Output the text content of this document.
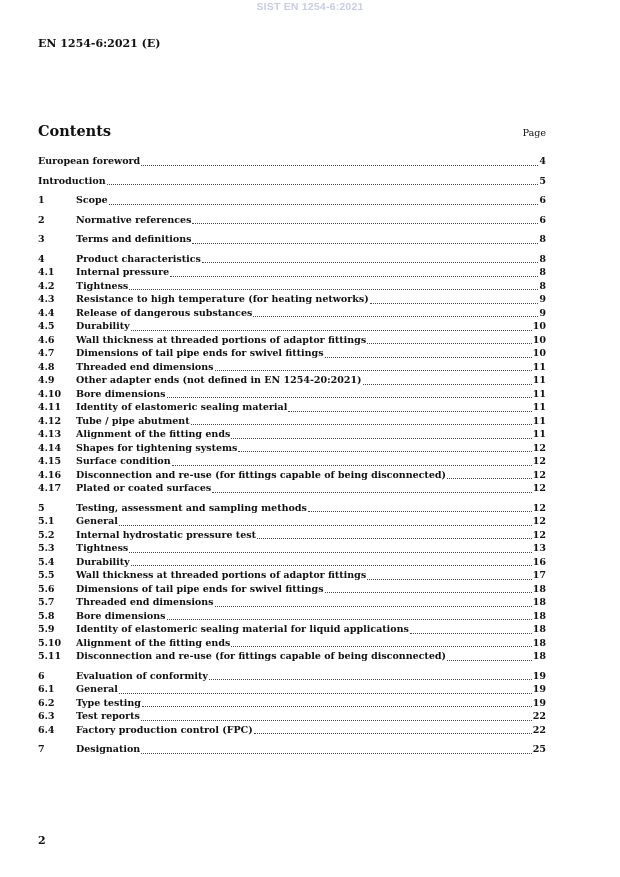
SIST EN 1254-6:2021
EN 1254-6:2021 (E)
Contents	Page
European foreword	4
Introduction	5
1	Scope	6
2	Normative references	6
3	Terms and definitions	8
4	Product characteristics	8
4.1	Internal pressure	8
4.2	Tightness	8
4.3	Resistance to high temperature (for heating networks)	9
4.4	Release of dangerous substances	9
4.5	Durability	10
4.6	Wall thickness at threaded portions of adaptor fittings	10
4.7	Dimensions of tail pipe ends for swivel fittings	10
4.8	Threaded end dimensions	11
4.9	Other adapter ends (not defined in EN 1254-20:2021)	11
4.10	Bore dimensions	11
4.11	Identity of elastomeric sealing material	11
4.12	Tube / pipe abutment	11
4.13	Alignment of the fitting ends	11
4.14	Shapes for tightening systems	12
4.15	Surface condition	12
4.16	Disconnection and re-use (for fittings capable of being disconnected)	12
4.17	Plated or coated surfaces	12
5	Testing, assessment and sampling methods	12
5.1	General	12
5.2	Internal hydrostatic pressure test	12
5.3	Tightness	13
5.4	Durability	16
5.5	Wall thickness at threaded portions of adaptor fittings	17
5.6	Dimensions of tail pipe ends for swivel fittings	18
5.7	Threaded end dimensions	18
5.8	Bore dimensions	18
5.9	Identity of elastomeric sealing material for liquid applications	18
5.10	Alignment of the fitting ends	18
5.11	Disconnection and re-use (for fittings capable of being disconnected)	18
6	Evaluation of conformity	19
6.1	General	19
6.2	Type testing	19
6.3	Test reports	22
6.4	Factory production control (FPC)	22
7	Designation	25
2
